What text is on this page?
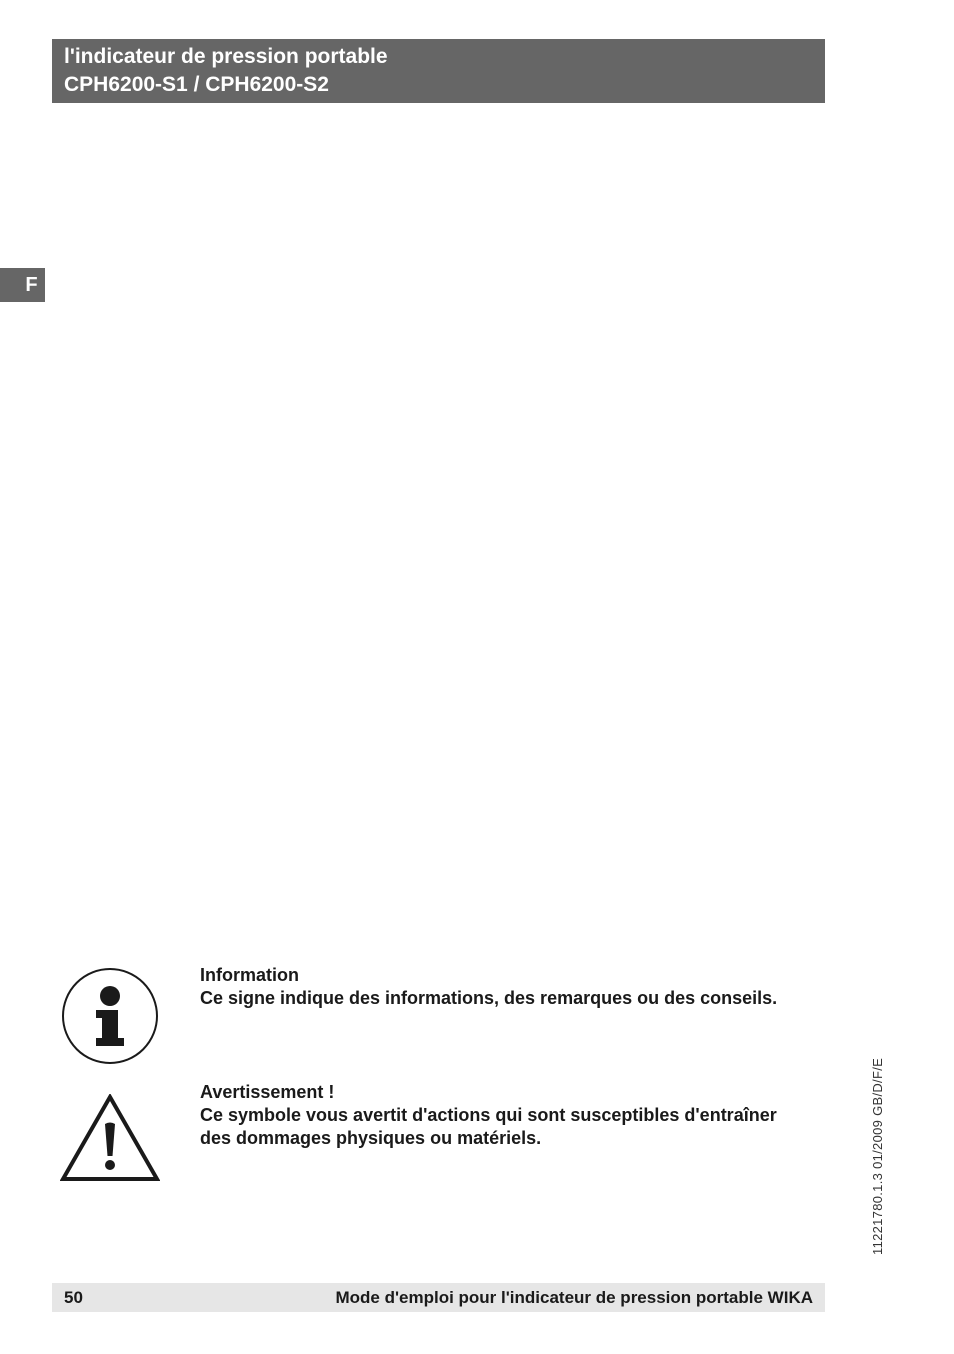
l'indicateur de pression portable
CPH6200-S1 / CPH6200-S2
F
Information
Ce signe indique des informations, des remarques ou des conseils.
Avertissement !
Ce symbole vous avertit d'actions qui sont susceptibles d'entraîner
des dommages physiques ou matériels.	11221780.1.3 01/2009 GB/D/F/E
50	Mode d'emploi pour l'indicateur de pression portable WIKA
